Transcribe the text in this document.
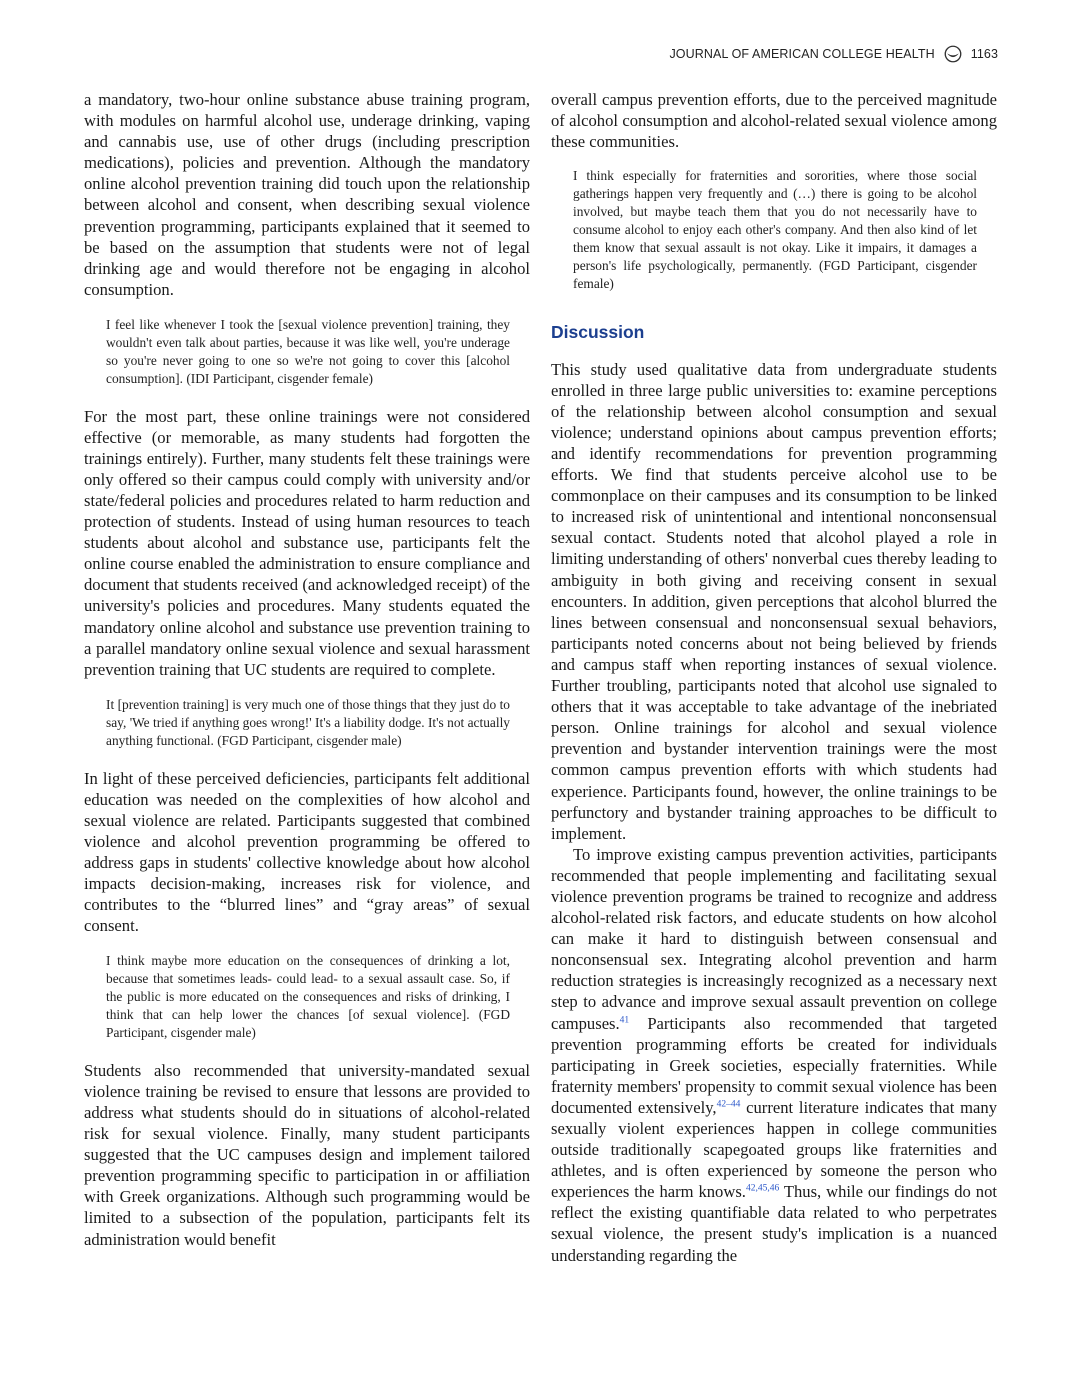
JOURNAL OF AMERICAN COLLEGE HEALTH	1163

a mandatory, two-hour online substance abuse training program, with modules on harmful alcohol use, underage drinking, vaping and cannabis use, use of other drugs (including prescription medications), policies and prevention. Although the mandatory online alcohol prevention training did touch upon the relationship between alcohol and consent, when describing sexual violence prevention programming, participants explained that it seemed to be based on the assumption that students were not of legal drinking age and would therefore not be engaging in alcohol consumption.

I feel like whenever I took the [sexual violence prevention] training, they wouldn't even talk about parties, because it was like well, you're underage so you're never going to one so we're not going to cover this [alcohol consumption]. (IDI Participant, cisgender female)

For the most part, these online trainings were not considered effective (or memorable, as many students had forgotten the trainings entirely). Further, many students felt these trainings were only offered so their campus could comply with university and/or state/federal policies and procedures related to harm reduction and protection of students. Instead of using human resources to teach students about alcohol and substance use, participants felt the online course enabled the administration to ensure compliance and document that students received (and acknowledged receipt) of the university's policies and procedures. Many students equated the mandatory online alcohol and substance use prevention training to a parallel mandatory online sexual violence and sexual harassment prevention training that UC students are required to complete.

It [prevention training] is very much one of those things that they just do to say, 'We tried if anything goes wrong!' It's a liability dodge. It's not actually anything functional. (FGD Participant, cisgender male)

In light of these perceived deficiencies, participants felt additional education was needed on the complexities of how alcohol and sexual violence are related. Participants suggested that combined violence and alcohol prevention programming be offered to address gaps in students' collective knowledge about how alcohol impacts decision-making, increases risk for violence, and contributes to the “blurred lines” and “gray areas” of sexual consent.

I think maybe more education on the consequences of drinking a lot, because that sometimes leads- could lead- to a sexual assault case. So, if the public is more educated on the consequences and risks of drinking, I think that can help lower the chances [of sexual violence]. (FGD Participant, cisgender male)

Students also recommended that university-mandated sexual violence training be revised to ensure that lessons are provided to address what students should do in situations of alcohol-related risk for sexual violence. Finally, many student participants suggested that the UC campuses design and implement tailored prevention programming specific to participation in or affiliation with Greek organizations. Although such programming would be limited to a subsection of the population, participants felt its administration would benefit

overall campus prevention efforts, due to the perceived magnitude of alcohol consumption and alcohol-related sexual violence among these communities.

I think especially for fraternities and sororities, where those social gatherings happen very frequently and (…) there is going to be alcohol involved, but maybe teach them that you do not necessarily have to consume alcohol to enjoy each other's company. And then also kind of let them know that sexual assault is not okay. Like it impairs, it damages a person's life psychologically, permanently. (FGD Participant, cisgender female)
Discussion

This study used qualitative data from undergraduate students enrolled in three large public universities to: examine perceptions of the relationship between alcohol consumption and sexual violence; understand opinions about campus prevention efforts; and identify recommendations for prevention programming efforts. We find that students perceive alcohol use to be commonplace on their campuses and its consumption to be linked to increased risk of unintentional and intentional nonconsensual sexual contact. Students noted that alcohol played a role in limiting understanding of others' nonverbal cues thereby leading to ambiguity in both giving and receiving consent in sexual encounters. In addition, given perceptions that alcohol blurred the lines between consensual and nonconsensual sexual behaviors, participants noted concerns about not being believed by friends and campus staff when reporting instances of sexual violence. Further troubling, participants noted that alcohol use signaled to others that it was acceptable to take advantage of the inebriated person. Online trainings for alcohol and sexual violence prevention and bystander intervention trainings were the most common campus prevention efforts with which students had experience. Participants found, however, the online trainings to be perfunctory and bystander training approaches to be difficult to implement.

To improve existing campus prevention activities, participants recommended that people implementing and facilitating sexual violence prevention programs be trained to recognize and address alcohol-related risk factors, and educate students on how alcohol can make it hard to distinguish between consensual and nonconsensual sex. Integrating alcohol prevention and harm reduction strategies is increasingly recognized as a necessary next step to advance and improve sexual assault prevention on college campuses.$^{41}$ Participants also recommended that targeted prevention programming efforts be created for individuals participating in Greek societies, especially fraternities. While fraternity members' propensity to commit sexual violence has been documented extensively,$^{42-44}$ current literature indicates that many sexually violent experiences happen in college communities outside traditionally scapegoated groups like fraternities and athletes, and is often experienced by someone the person who experiences the harm knows.$^{42,45,46}$ Thus, while our findings do not reflect the existing quantifiable data related to who perpetrates sexual violence, the present study's implication is a nuanced understanding regarding the
